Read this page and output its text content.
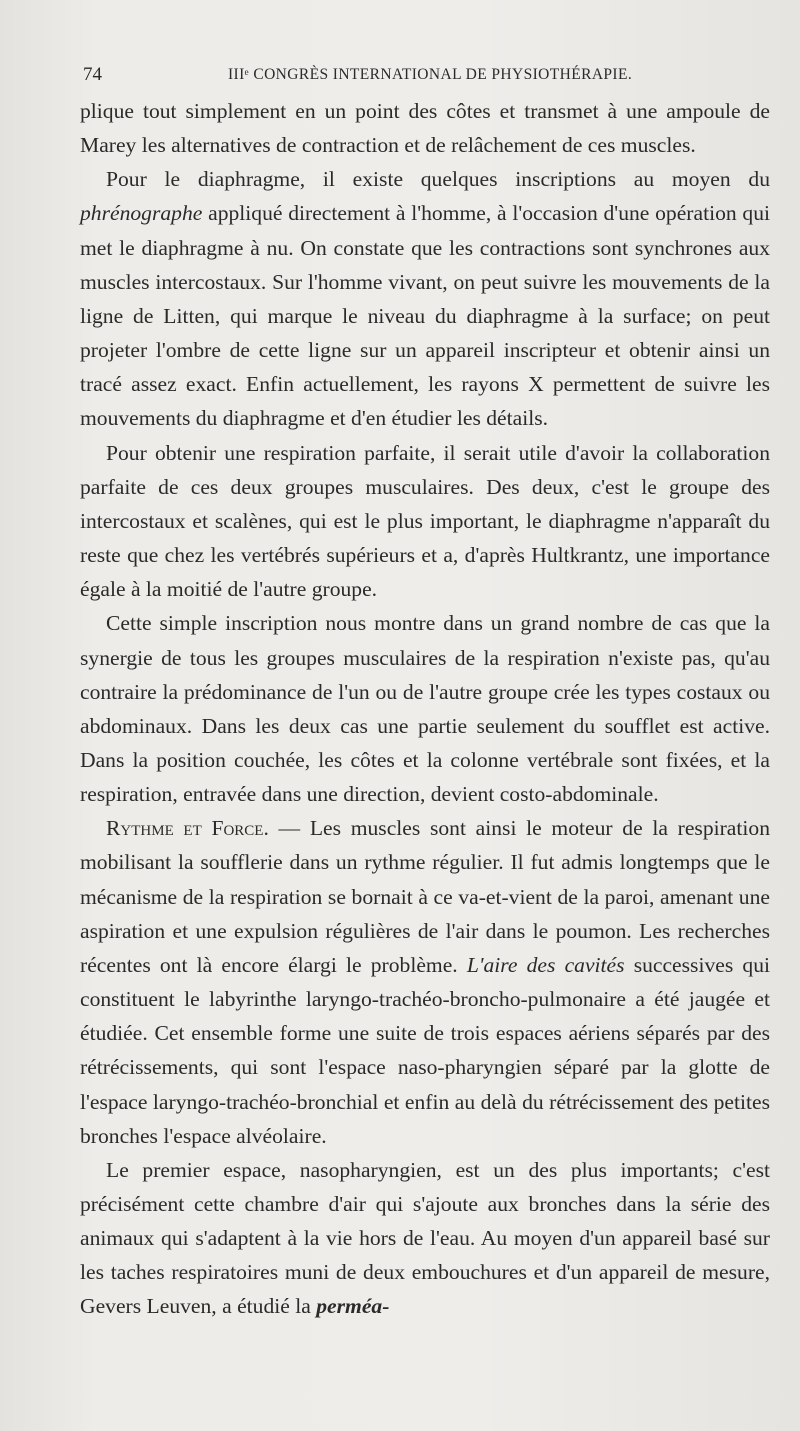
74	IIIᵉ CONGRÈS INTERNATIONAL DE PHYSIOTHÉRAPIE.

plique tout simplement en un point des côtes et transmet à une ampoule de Marey les alternatives de contraction et de relâchement de ces muscles.

Pour le diaphragme, il existe quelques inscriptions au moyen du phrénographe appliqué directement à l'homme, à l'occasion d'une opération qui met le diaphragme à nu. On constate que les contractions sont synchrones aux muscles intercostaux. Sur l'homme vivant, on peut suivre les mouvements de la ligne de Litten, qui marque le niveau du diaphragme à la surface; on peut projeter l'ombre de cette ligne sur un appareil inscripteur et obtenir ainsi un tracé assez exact. Enfin actuellement, les rayons X permettent de suivre les mouvements du diaphragme et d'en étudier les détails.

Pour obtenir une respiration parfaite, il serait utile d'avoir la collaboration parfaite de ces deux groupes musculaires. Des deux, c'est le groupe des intercostaux et scalènes, qui est le plus important, le diaphragme n'apparaît du reste que chez les vertébrés supérieurs et a, d'après Hultkrantz, une importance égale à la moitié de l'autre groupe.

Cette simple inscription nous montre dans un grand nombre de cas que la synergie de tous les groupes musculaires de la respiration n'existe pas, qu'au contraire la prédominance de l'un ou de l'autre groupe crée les types costaux ou abdominaux. Dans les deux cas une partie seulement du soufflet est active. Dans la position couchée, les côtes et la colonne vertébrale sont fixées, et la respiration, entravée dans une direction, devient costo-abdominale.

Rythme et Force. — Les muscles sont ainsi le moteur de la respiration mobilisant la soufflerie dans un rythme régulier. Il fut admis longtemps que le mécanisme de la respiration se bornait à ce va-et-vient de la paroi, amenant une aspiration et une expulsion régulières de l'air dans le poumon. Les recherches récentes ont là encore élargi le problème. L'aire des cavités successives qui constituent le labyrinthe laryngo-trachéo-broncho-pulmonaire a été jaugée et étudiée. Cet ensemble forme une suite de trois espaces aériens séparés par des rétrécissements, qui sont l'espace naso-pharyngien séparé par la glotte de l'espace laryngo-trachéo-bronchial et enfin au delà du rétrécissement des petites bronches l'espace alvéolaire.

Le premier espace, nasopharyngien, est un des plus importants; c'est précisément cette chambre d'air qui s'ajoute aux bronches dans la série des animaux qui s'adaptent à la vie hors de l'eau. Au moyen d'un appareil basé sur les taches respiratoires muni de deux embouchures et d'un appareil de mesure, Gevers Leuven, a étudié la perméa-
